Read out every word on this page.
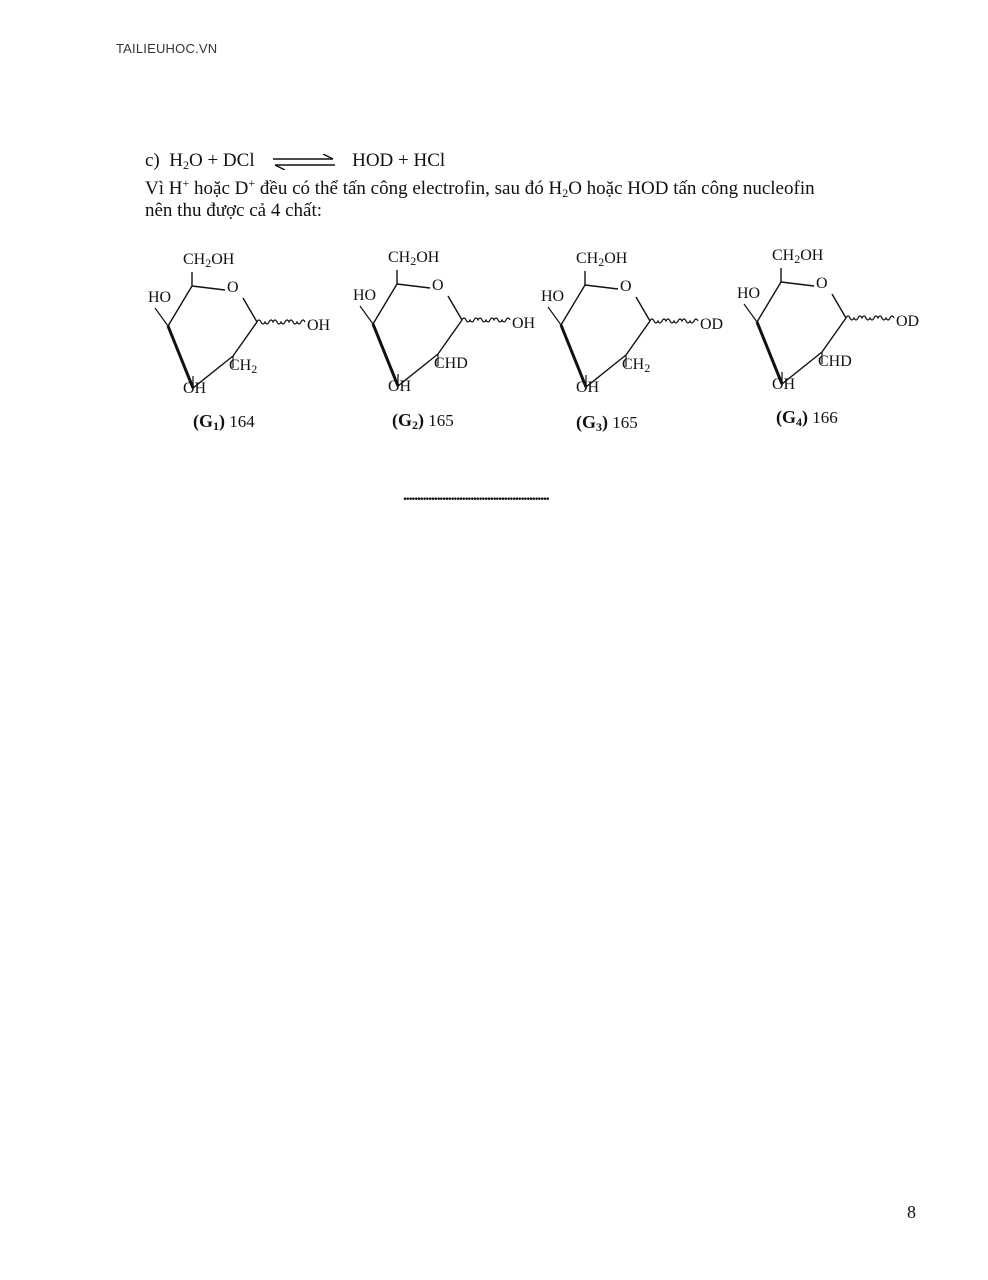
TAILIEUHOC.VN
c) $H_2O$ + DCl ⇌ HOD + HCl
Vì H+ hoặc D+ đều có thể tấn công electrofin, sau đó $H_2O$ hoặc HOD tấn công nucleofin
nên thu được cả 4 chất:
$CH_2OH$
O
HO
OH
$CH_2$
OH
$(G_1)$ 164
$CH_2OH$
O
HO
OH
CHD
OH
$(G_2)$ 165
$CH_2OH$
O
HO
OD
$CH_2$
OH
$(G_3)$ 165
$CH_2OH$
O
HO
OD
CHD
OH
$(G_4)$ 166
....................................................
8
